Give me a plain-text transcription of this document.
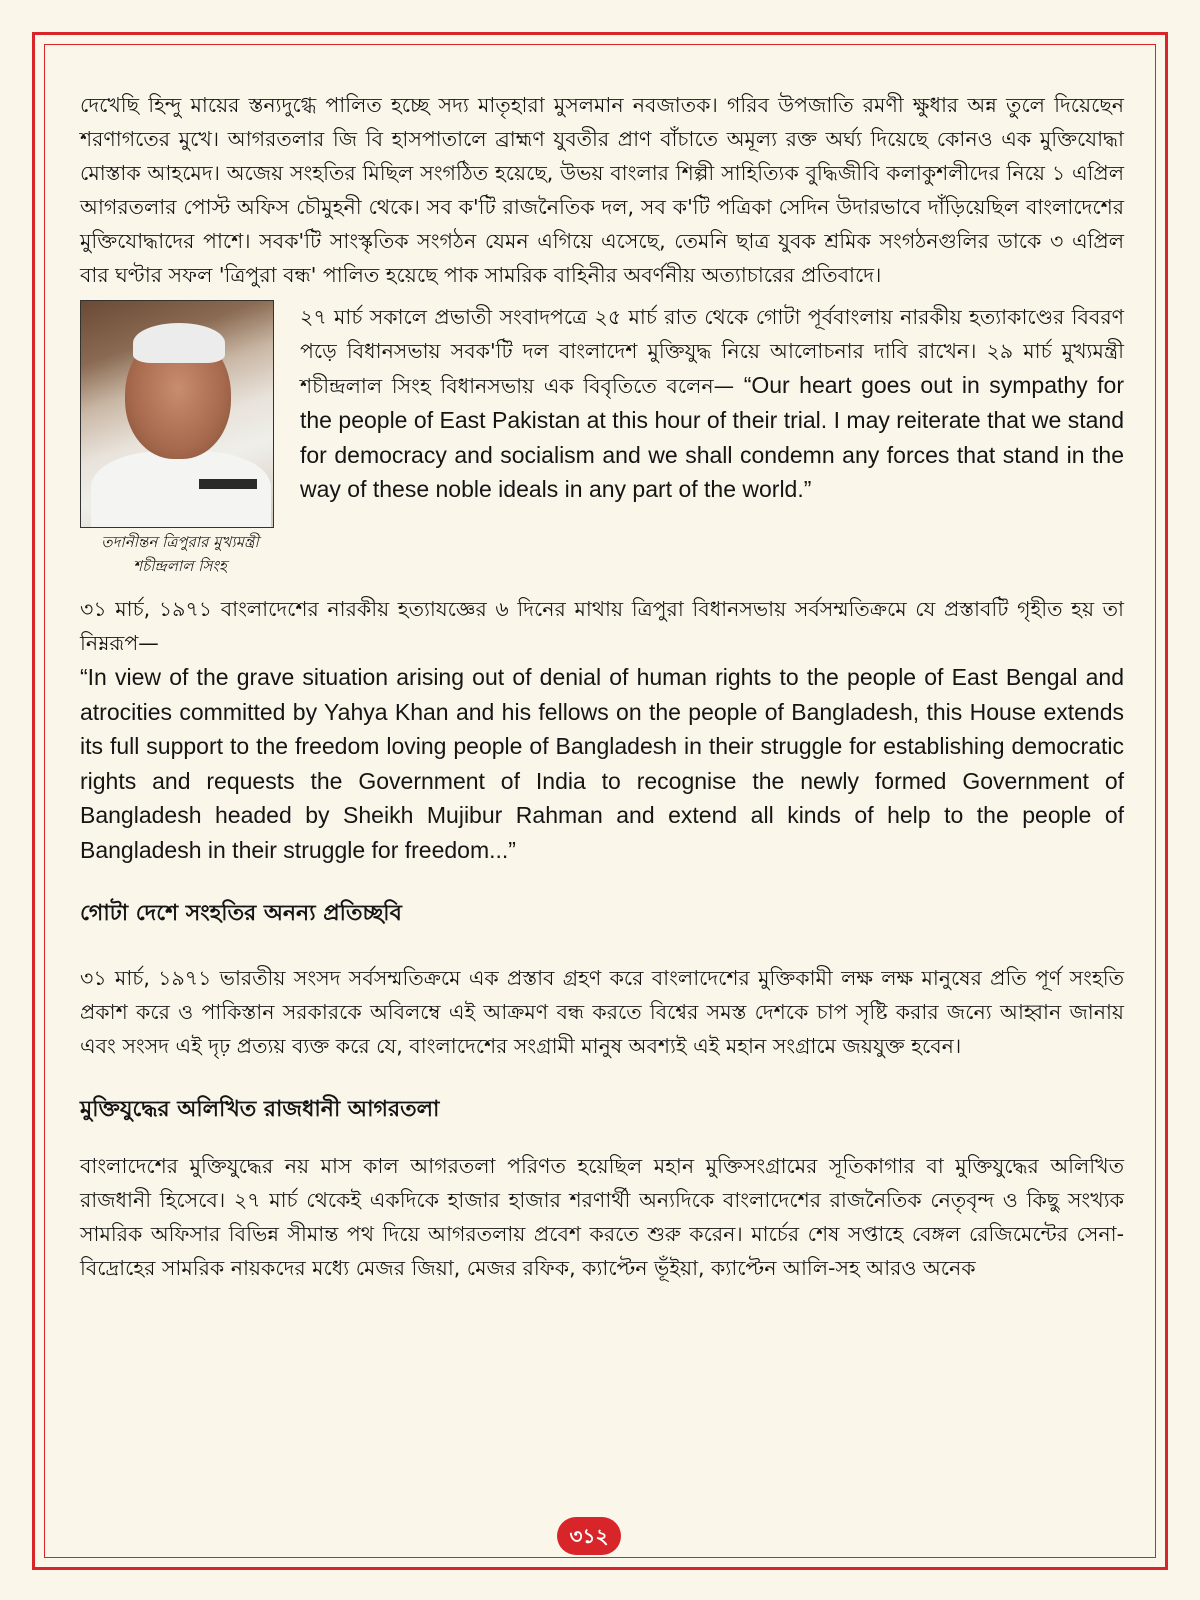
দেখেছি হিন্দু মায়ের স্তন্যদুগ্ধে পালিত হচ্ছে সদ্য মাতৃহারা মুসলমান নবজাতক। গরিব উপজাতি রমণী ক্ষুধার অন্ন তুলে দিয়েছেন শরণাগতের মুখে। আগরতলার জি বি হাসপাতালে ব্রাহ্মণ যুবতীর প্রাণ বাঁচাতে অমূল্য রক্ত অর্ঘ্য দিয়েছে কোনও এক মুক্তিযোদ্ধা মোস্তাক আহমেদ। অজেয় সংহতির মিছিল সংগঠিত হয়েছে, উভয় বাংলার শিল্পী সাহিত্যিক বুদ্ধিজীবি কলাকুশলীদের নিয়ে ১ এপ্রিল আগরতলার পোস্ট অফিস চৌমুহনী থেকে। সব ক'টি রাজনৈতিক দল, সব ক'টি পত্রিকা সেদিন উদারভাবে দাঁড়িয়েছিল বাংলাদেশের মুক্তিযোদ্ধাদের পাশে। সবক'টি সাংস্কৃতিক সংগঠন যেমন এগিয়ে এসেছে, তেমনি ছাত্র যুবক শ্রমিক সংগঠনগুলির ডাকে ৩ এপ্রিল বার ঘণ্টার সফল 'ত্রিপুরা বন্ধ' পালিত হয়েছে পাক সামরিক বাহিনীর অবর্ণনীয় অত্যাচারের প্রতিবাদে।

তদানীন্তন ত্রিপুরার মুখ্যমন্ত্রী
শচীন্দ্রলাল সিংহ

২৭ মার্চ সকালে প্রভাতী সংবাদপত্রে ২৫ মার্চ রাত থেকে গোটা পূর্ববাংলায় নারকীয় হত্যাকাণ্ডের বিবরণ পড়ে বিধানসভায় সবক'টি দল বাংলাদেশ মুক্তিযুদ্ধ নিয়ে আলোচনার দাবি রাখেন। ২৯ মার্চ মুখ্যমন্ত্রী শচীন্দ্রলাল সিংহ বিধানসভায় এক বিবৃতিতে বলেন— “Our heart goes out in sympathy for the people of East Pakistan at this hour of their trial. I may reiterate that we stand for democracy and socialism and we shall condemn any forces that stand in the way of these noble ideals in any part of the world.”

৩১ মার্চ, ১৯৭১ বাংলাদেশের নারকীয় হত্যাযজ্ঞের ৬ দিনের মাথায় ত্রিপুরা বিধানসভায় সর্বসম্মতিক্রমে যে প্রস্তাবটি গৃহীত হয় তা নিম্নরূপ—

“In view of the grave situation arising out of denial of human rights to the people of East Bengal and atrocities committed by Yahya Khan and his fellows on the people of Bangladesh, this House extends its full support to the freedom loving people of Bangladesh in their struggle for establishing democratic rights and requests the Government of India to recognise the newly formed Government of Bangladesh headed by Sheikh Mujibur Rahman and extend all kinds of help to the people of Bangladesh in their struggle for freedom...”

গোটা দেশে সংহতির অনন্য প্রতিচ্ছবি

৩১ মার্চ, ১৯৭১ ভারতীয় সংসদ সর্বসম্মতিক্রমে এক প্রস্তাব গ্রহণ করে বাংলাদেশের মুক্তিকামী লক্ষ লক্ষ মানুষের প্রতি পূর্ণ সংহতি প্রকাশ করে ও পাকিস্তান সরকারকে অবিলম্বে এই আক্রমণ বন্ধ করতে বিশ্বের সমস্ত দেশকে চাপ সৃষ্টি করার জন্যে আহ্বান জানায় এবং সংসদ এই দৃঢ় প্রত্যয় ব্যক্ত করে যে, বাংলাদেশের সংগ্রামী মানুষ অবশ্যই এই মহান সংগ্রামে জয়যুক্ত হবেন।

মুক্তিযুদ্ধের অলিখিত রাজধানী আগরতলা

বাংলাদেশের মুক্তিযুদ্ধের নয় মাস কাল আগরতলা পরিণত হয়েছিল মহান মুক্তিসংগ্রামের সূতিকাগার বা মুক্তিযুদ্ধের অলিখিত রাজধানী হিসেবে। ২৭ মার্চ থেকেই একদিকে হাজার হাজার শরণার্থী অন্যদিকে বাংলাদেশের রাজনৈতিক নেতৃবৃন্দ ও কিছু সংখ্যক সামরিক অফিসার বিভিন্ন সীমান্ত পথ দিয়ে আগরতলায় প্রবেশ করতে শুরু করেন। মার্চের শেষ সপ্তাহে বেঙ্গল রেজিমেন্টের সেনা-বিদ্রোহের সামরিক নায়কদের মধ্যে মেজর জিয়া, মেজর রফিক, ক্যাপ্টেন ভূঁইয়া, ক্যাপ্টেন আলি-সহ আরও অনেক

৩১২
